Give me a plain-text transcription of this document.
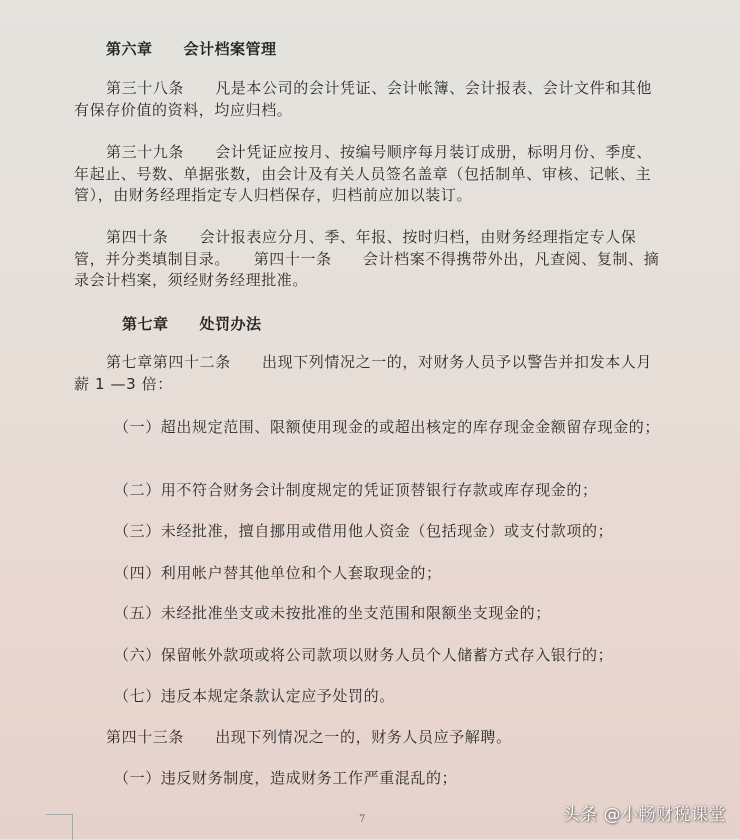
第六章　　会计档案管理
第三十八条　　凡是本公司的会计凭证、会计帐簿、会计报表、会计文件和其他有保存价值的资料，均应归档。
第三十九条　　会计凭证应按月、按编号顺序每月装订成册，标明月份、季度、年起止、号数、单据张数，由会计及有关人员签名盖章（包括制单、审核、记帐、主管），由财务经理指定专人归档保存，归档前应加以装订。
第四十条　　会计报表应分月、季、年报、按时归档，由财务经理指定专人保管，并分类填制目录。　　第四十一条　　会计档案不得携带外出，凡查阅、复制、摘录会计档案，须经财务经理批准。
第七章　　处罚办法
第七章第四十二条　　出现下列情况之一的，对财务人员予以警告并扣发本人月薪 1 —3 倍：
（一）超出规定范围、限额使用现金的或超出核定的库存现金金额留存现金的；
（二）用不符合财务会计制度规定的凭证顶替银行存款或库存现金的；
（三）未经批准，擅自挪用或借用他人资金（包括现金）或支付款项的；
（四）利用帐户替其他单位和个人套取现金的；
（五）未经批准坐支或未按批准的坐支范围和限额坐支现金的；
（六）保留帐外款项或将公司款项以财务人员个人储蓄方式存入银行的；
（七）违反本规定条款认定应予处罚的。
第四十三条　　出现下列情况之一的，财务人员应予解聘。
（一）违反财务制度，造成财务工作严重混乱的；
7	头条 @小畅财税课堂
